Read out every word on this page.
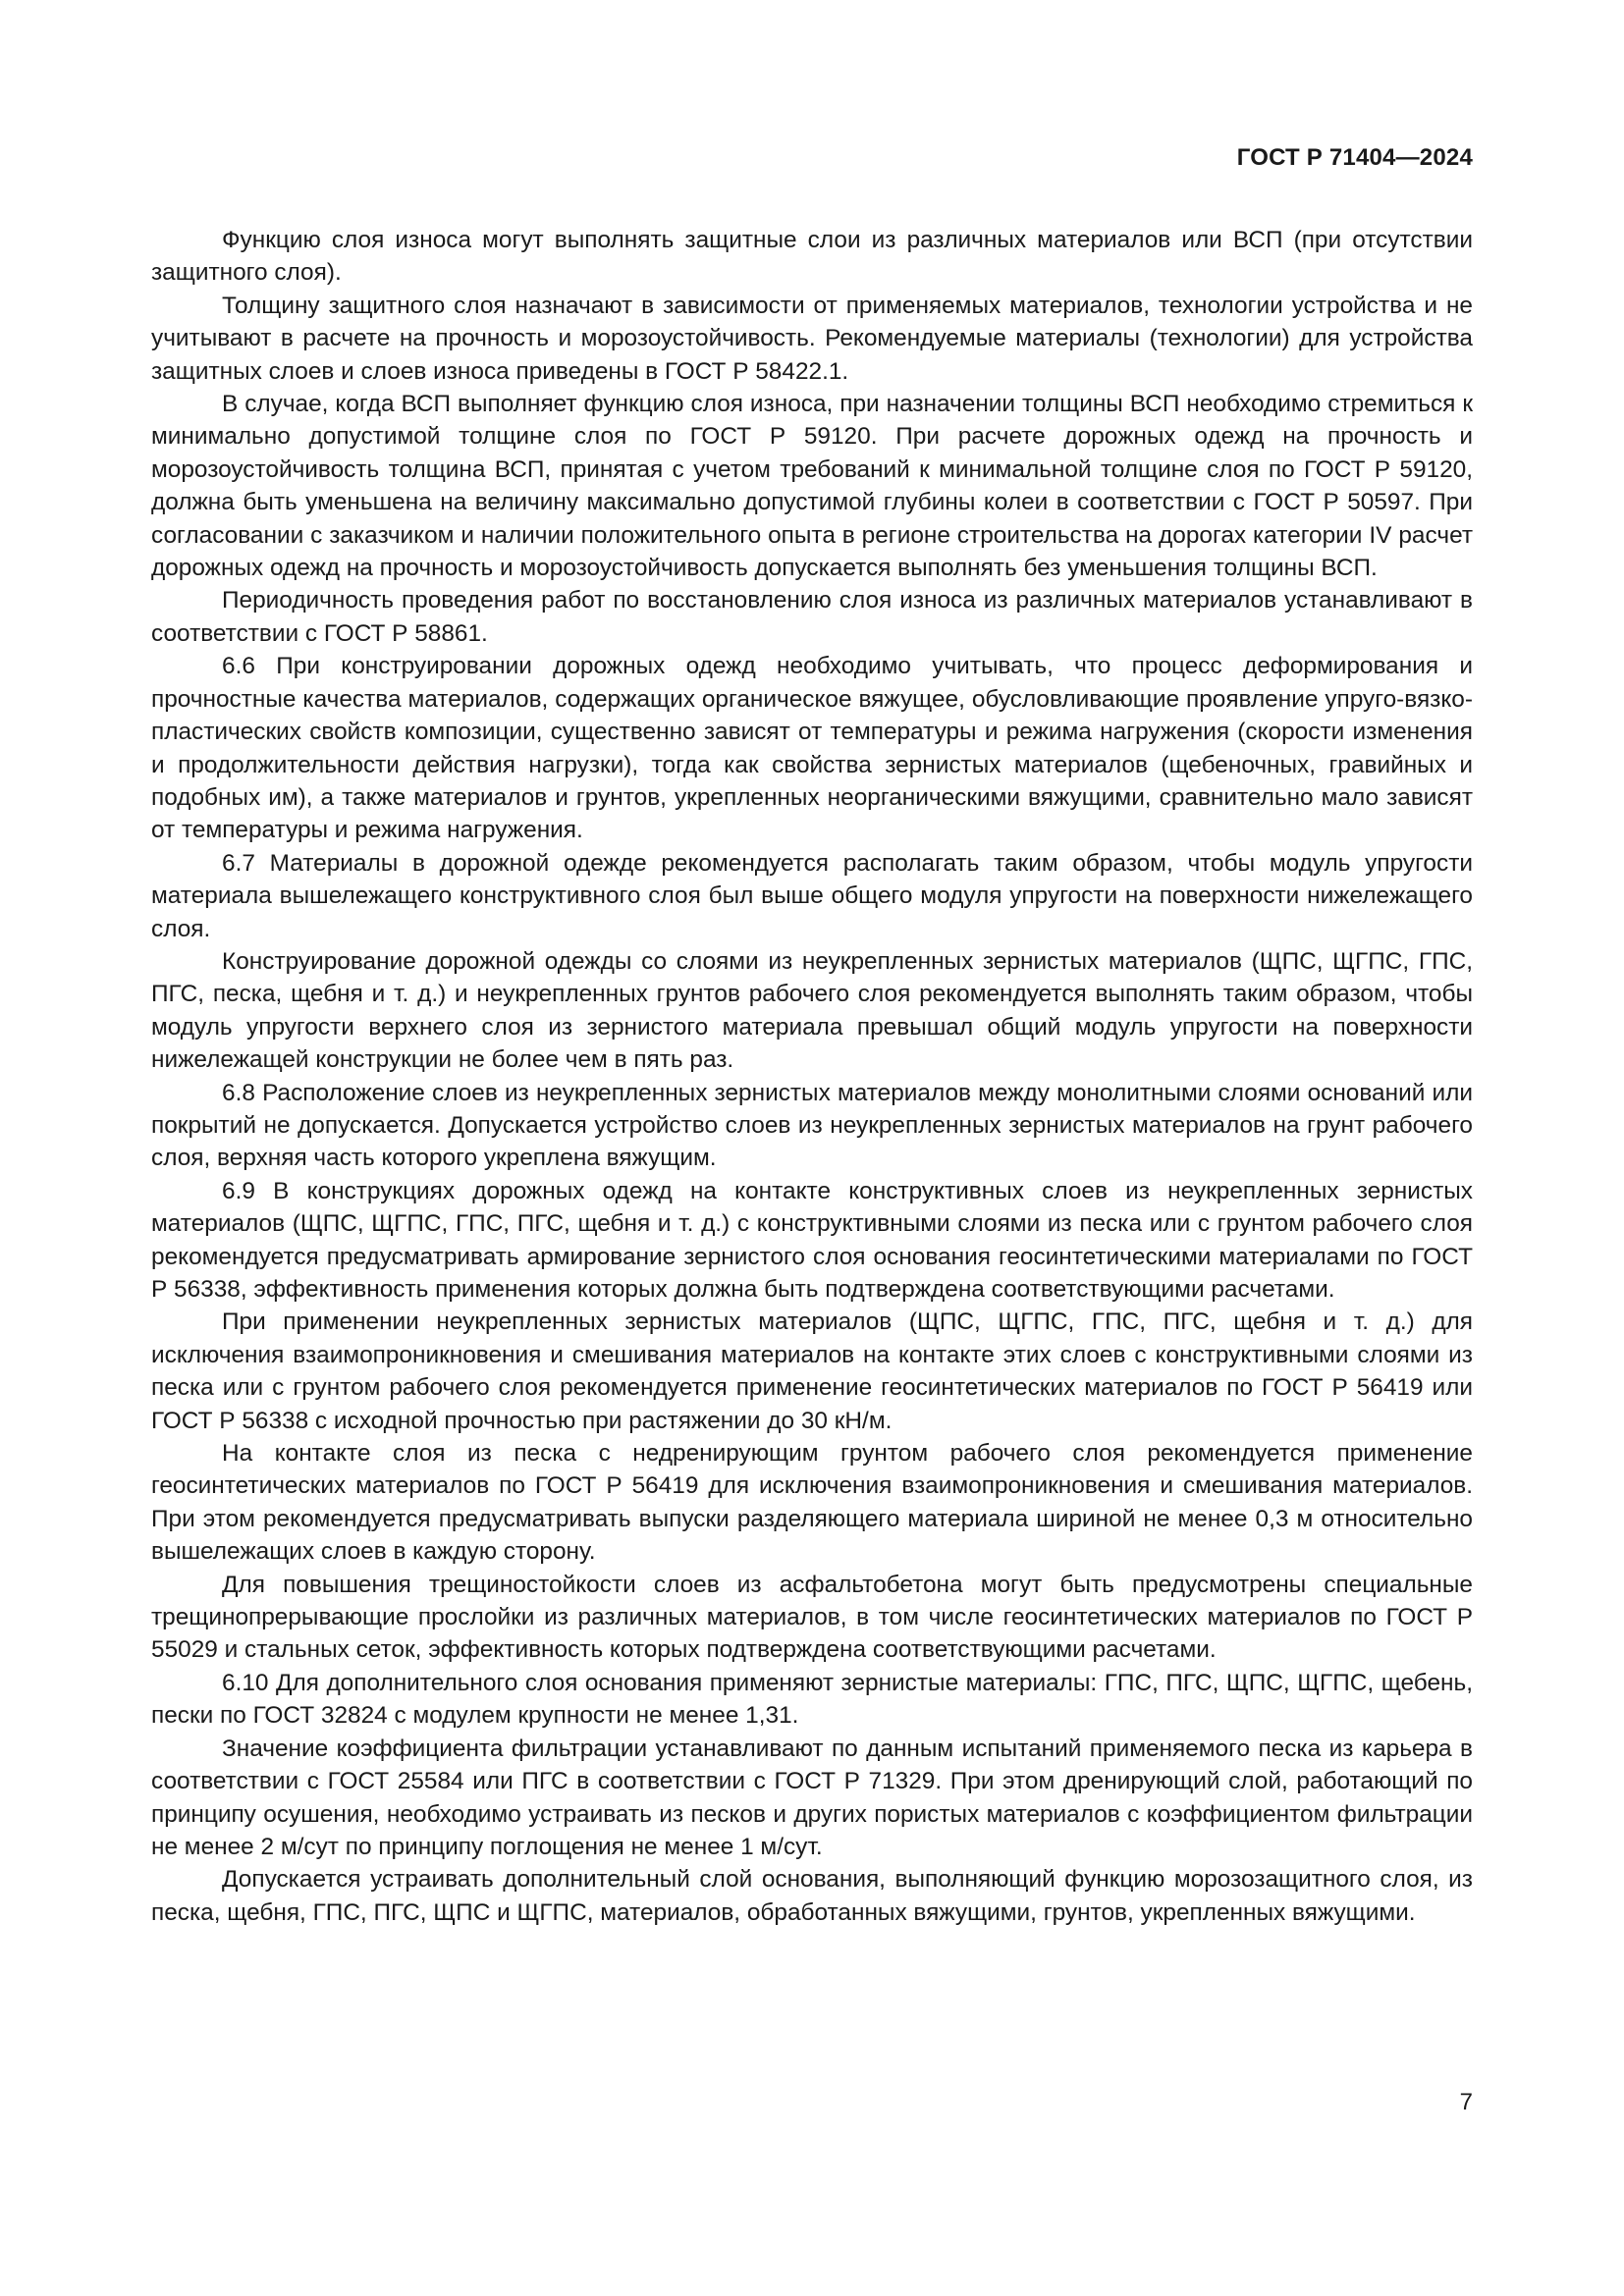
ГОСТ Р 71404—2024

Функцию слоя износа могут выполнять защитные слои из различных материалов или ВСП (при отсутствии защитного слоя).

Толщину защитного слоя назначают в зависимости от применяемых материалов, технологии устройства и не учитывают в расчете на прочность и морозоустойчивость. Рекомендуемые материалы (технологии) для устройства защитных слоев и слоев износа приведены в ГОСТ Р 58422.1.

В случае, когда ВСП выполняет функцию слоя износа, при назначении толщины ВСП необходимо стремиться к минимально допустимой толщине слоя по ГОСТ Р 59120. При расчете дорожных одежд на прочность и морозоустойчивость толщина ВСП, принятая с учетом требований к минимальной толщине слоя по ГОСТ Р 59120, должна быть уменьшена на величину максимально допустимой глубины колеи в соответствии с ГОСТ Р 50597. При согласовании с заказчиком и наличии положительного опыта в регионе строительства на дорогах категории IV расчет дорожных одежд на прочность и морозоустойчивость допускается выполнять без уменьшения толщины ВСП.

Периодичность проведения работ по восстановлению слоя износа из различных материалов устанавливают в соответствии с ГОСТ Р 58861.

6.6 При конструировании дорожных одежд необходимо учитывать, что процесс деформирования и прочностные качества материалов, содержащих органическое вяжущее, обусловливающие проявление упруго-вязко-пластических свойств композиции, существенно зависят от температуры и режима нагружения (скорости изменения и продолжительности действия нагрузки), тогда как свойства зернистых материалов (щебеночных, гравийных и подобных им), а также материалов и грунтов, укрепленных неорганическими вяжущими, сравнительно мало зависят от температуры и режима нагружения.

6.7 Материалы в дорожной одежде рекомендуется располагать таким образом, чтобы модуль упругости материала вышележащего конструктивного слоя был выше общего модуля упругости на поверхности нижележащего слоя.

Конструирование дорожной одежды со слоями из неукрепленных зернистых материалов (ЩПС, ЩГПС, ГПС, ПГС, песка, щебня и т. д.) и неукрепленных грунтов рабочего слоя рекомендуется выполнять таким образом, чтобы модуль упругости верхнего слоя из зернистого материала превышал общий модуль упругости на поверхности нижележащей конструкции не более чем в пять раз.

6.8 Расположение слоев из неукрепленных зернистых материалов между монолитными слоями оснований или покрытий не допускается. Допускается устройство слоев из неукрепленных зернистых материалов на грунт рабочего слоя, верхняя часть которого укреплена вяжущим.

6.9 В конструкциях дорожных одежд на контакте конструктивных слоев из неукрепленных зернистых материалов (ЩПС, ЩГПС, ГПС, ПГС, щебня и т. д.) с конструктивными слоями из песка или с грунтом рабочего слоя рекомендуется предусматривать армирование зернистого слоя основания геосинтетическими материалами по ГОСТ Р 56338, эффективность применения которых должна быть подтверждена соответствующими расчетами.

При применении неукрепленных зернистых материалов (ЩПС, ЩГПС, ГПС, ПГС, щебня и т. д.) для исключения взаимопроникновения и смешивания материалов на контакте этих слоев с конструктивными слоями из песка или с грунтом рабочего слоя рекомендуется применение геосинтетических материалов по ГОСТ Р 56419 или ГОСТ Р 56338 с исходной прочностью при растяжении до 30 кН/м.

На контакте слоя из песка с недренирующим грунтом рабочего слоя рекомендуется применение геосинтетических материалов по ГОСТ Р 56419 для исключения взаимопроникновения и смешивания материалов. При этом рекомендуется предусматривать выпуски разделяющего материала шириной не менее 0,3 м относительно вышележащих слоев в каждую сторону.

Для повышения трещиностойкости слоев из асфальтобетона могут быть предусмотрены специальные трещинопрерывающие прослойки из различных материалов, в том числе геосинтетических материалов по ГОСТ Р 55029 и стальных сеток, эффективность которых подтверждена соответствующими расчетами.

6.10 Для дополнительного слоя основания применяют зернистые материалы: ГПС, ПГС, ЩПС, ЩГПС, щебень, пески по ГОСТ 32824 с модулем крупности не менее 1,31.

Значение коэффициента фильтрации устанавливают по данным испытаний применяемого песка из карьера в соответствии с ГОСТ 25584 или ПГС в соответствии с ГОСТ Р 71329. При этом дренирующий слой, работающий по принципу осушения, необходимо устраивать из песков и других пористых материалов с коэффициентом фильтрации не менее 2 м/сут по принципу поглощения не менее 1 м/сут.

Допускается устраивать дополнительный слой основания, выполняющий функцию морозозащитного слоя, из песка, щебня, ГПС, ПГС, ЩПС и ЩГПС, материалов, обработанных вяжущими, грунтов, укрепленных вяжущими.

7
